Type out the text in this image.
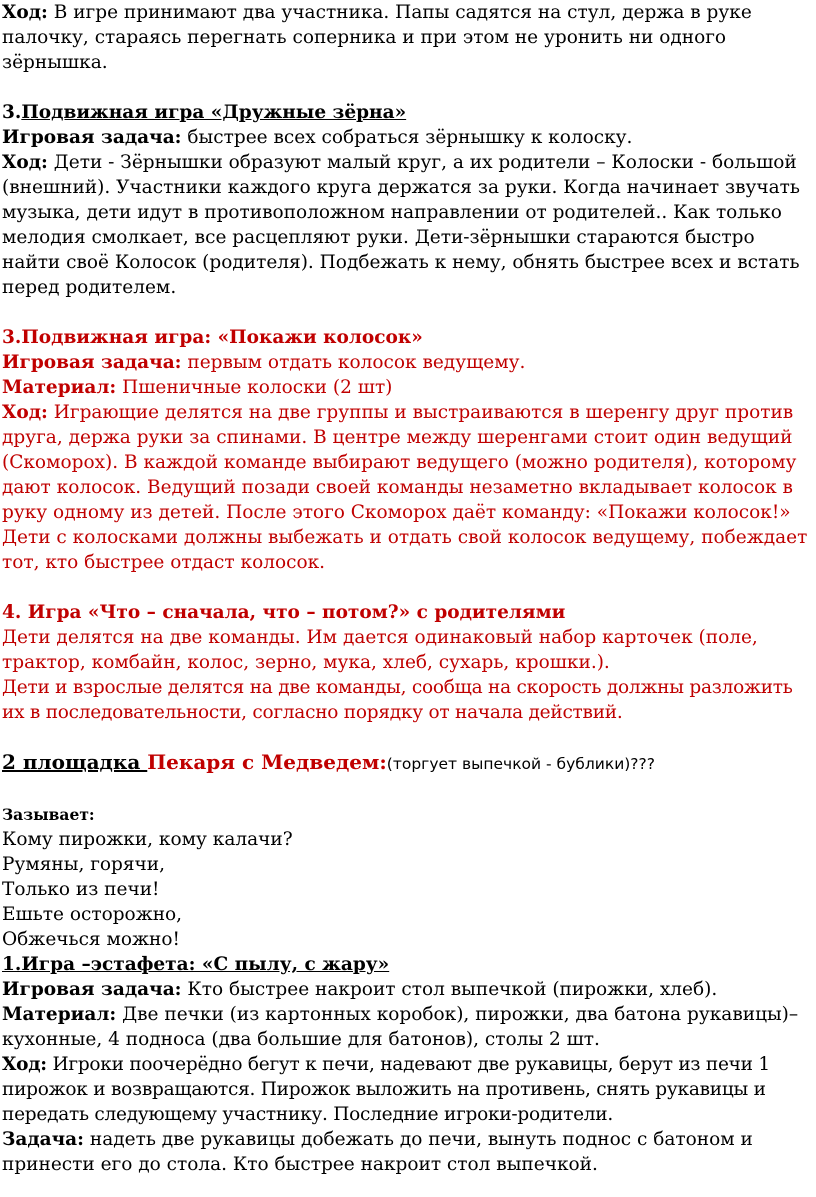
Ход: В игре принимают два участника. Папы садятся на стул, держа в руке палочку, стараясь перегнать соперника и при этом не уронить ни одного зёрнышка.

3.Подвижная игра «Дружные зёрна»

Игровая задача: быстрее всех собраться зёрнышку к колоску.

Ход: Дети - Зёрнышки образуют малый круг, а их родители – Колоски - большой (внешний). Участники каждого круга держатся за руки. Когда начинает звучать музыка, дети идут в противоположном направлении от родителей.. Как только мелодия смолкает, все расцепляют руки. Дети-зёрнышки стараются быстро найти своё Колосок (родителя). Подбежать к нему, обнять быстрее всех и встать перед родителем.

3.Подвижная игра: «Покажи колосок»

Игровая задача: первым отдать колосок ведущему.

Материал: Пшеничные колоски (2 шт)

Ход: Играющие делятся на две группы и выстраиваются в шеренгу друг против друга, держа руки за спинами. В центре между шеренгами стоит один ведущий (Скоморох). В каждой команде выбирают ведущего (можно родителя), которому дают колосок. Ведущий позади своей команды незаметно вкладывает колосок в руку одному из детей. После этого Скоморох даёт команду: «Покажи колосок!» Дети с колосками должны выбежать и отдать свой колосок ведущему, побеждает тот, кто быстрее отдаст колосок.

4. Игра «Что – сначала, что – потом?» с родителями

Дети делятся на две команды. Им дается одинаковый набор карточек (поле, трактор, комбайн, колос, зерно, мука, хлеб, сухарь, крошки.).

Дети и взрослые делятся на две команды, сообща на скорость должны разложить их в последовательности, согласно порядку от начала действий.

2 площадка Пекаря с Медведем:(торгует выпечкой - бублики)???

Зазывает:

Кому пирожки, кому калачи?

Румяны, горячи,

Только из печи!

Ешьте осторожно,

Обжечься можно!

1.Игра –эстафета: «С пылу, с жару»

Игровая задача: Кто быстрее накроит стол выпечкой (пирожки, хлеб).

Материал: Две печки (из картонных коробок), пирожки, два батона рукавицы)– кухонные, 4 подноса (два большие для батонов), столы 2 шт.

Ход: Игроки поочерёдно бегут к печи, надевают две рукавицы, берут из печи 1 пирожок и возвращаются. Пирожок выложить на противень, снять рукавицы и передать следующему участнику. Последние игроки-родители.

Задача: надеть две рукавицы добежать до печи, вынуть поднос с батоном и принести его до стола. Кто быстрее накроит стол выпечкой.
